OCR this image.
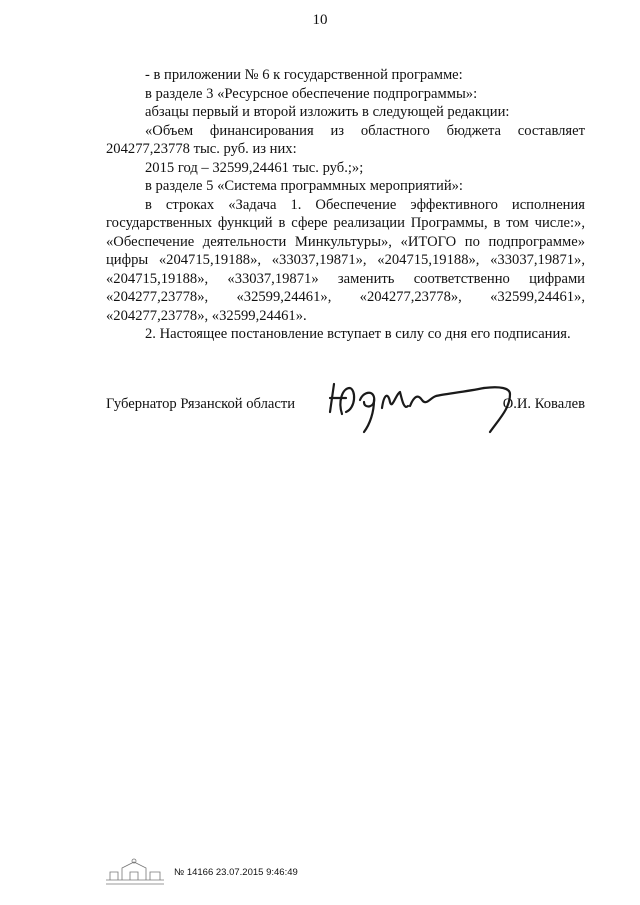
10

- в приложении № 6 к государственной программе:

в разделе 3 «Ресурсное обеспечение подпрограммы»:

абзацы первый и второй изложить в следующей редакции:

«Объем финансирования из областного бюджета составляет

204277,23778 тыс. руб. из них:

2015 год – 32599,24461 тыс. руб.;»;

в разделе 5 «Система программных мероприятий»:

в строках «Задача 1. Обеспечение эффективного исполнения государственных функций в сфере реализации Программы, в том числе:», «Обеспечение деятельности Минкультуры», «ИТОГО по подпрограмме» цифры «204715,19188», «33037,19871», «204715,19188», «33037,19871», «204715,19188», «33037,19871» заменить соответственно цифрами «204277,23778», «32599,24461», «204277,23778», «32599,24461», «204277,23778», «32599,24461».

2. Настоящее постановление вступает в силу со дня его подписания.

Губернатор Рязанской области	О.И. Ковалев
№ 14166 23.07.2015 9:46:49
